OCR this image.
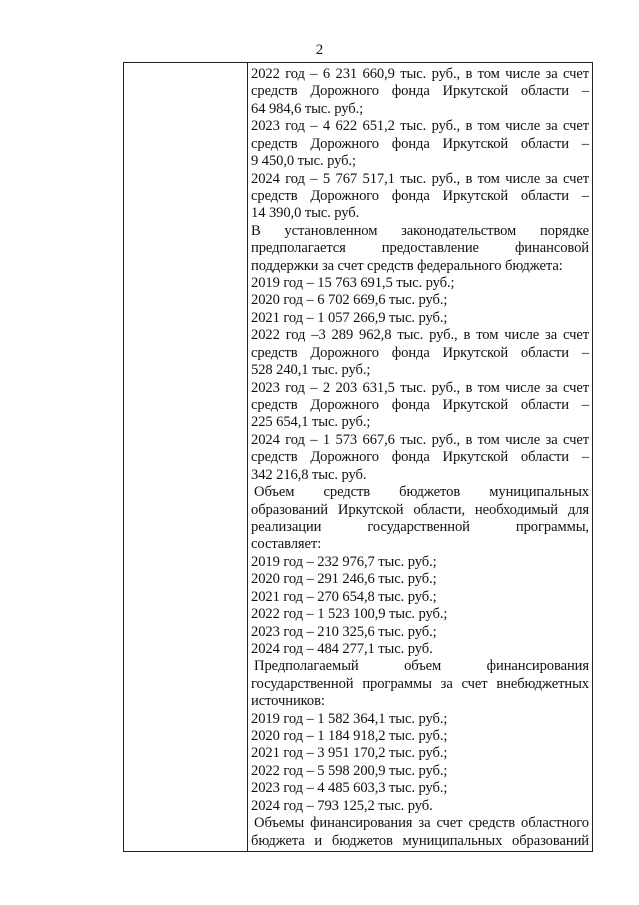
2
2022 год – 6 231 660,9 тыс. руб., в том числе за счет
средств Дорожного фонда Иркутской области –
64 984,6 тыс. руб.;
2023 год – 4 622 651,2 тыс. руб., в том числе за счет
средств Дорожного фонда Иркутской области –
9 450,0 тыс. руб.;
2024 год – 5 767 517,1 тыс. руб., в том числе за счет
средств Дорожного фонда Иркутской области –
14 390,0 тыс. руб.
В установленном законодательством порядке
предполагается предоставление финансовой
поддержки за счет средств федерального бюджета:
2019 год – 15 763 691,5 тыс. руб.;
2020 год – 6 702 669,6 тыс. руб.;
2021 год – 1 057 266,9 тыс. руб.;
2022 год –3 289 962,8 тыс. руб., в том числе за счет
средств Дорожного фонда Иркутской области –
528 240,1 тыс. руб.;
2023 год – 2 203 631,5 тыс. руб., в том числе за счет
средств Дорожного фонда Иркутской области –
225 654,1 тыс. руб.;
2024 год – 1 573 667,6 тыс. руб., в том числе за счет
средств Дорожного фонда Иркутской области –
342 216,8 тыс. руб.
Объем средств бюджетов муниципальных
образований Иркутской области, необходимый для
реализации государственной программы,
составляет:
2019 год – 232 976,7 тыс. руб.;
2020 год – 291 246,6 тыс. руб.;
2021 год – 270 654,8 тыс. руб.;
2022 год – 1 523 100,9 тыс. руб.;
2023 год – 210 325,6 тыс. руб.;
2024 год – 484 277,1 тыс. руб.
Предполагаемый объем финансирования
государственной программы за счет внебюджетных
источников:
2019 год – 1 582 364,1 тыс. руб.;
2020 год – 1 184 918,2 тыс. руб.;
2021 год – 3 951 170,2 тыс. руб.;
2022 год – 5 598 200,9 тыс. руб.;
2023 год – 4 485 603,3 тыс. руб.;
2024 год – 793 125,2 тыс. руб.
Объемы финансирования за счет средств областного
бюджета и бюджетов муниципальных образований
